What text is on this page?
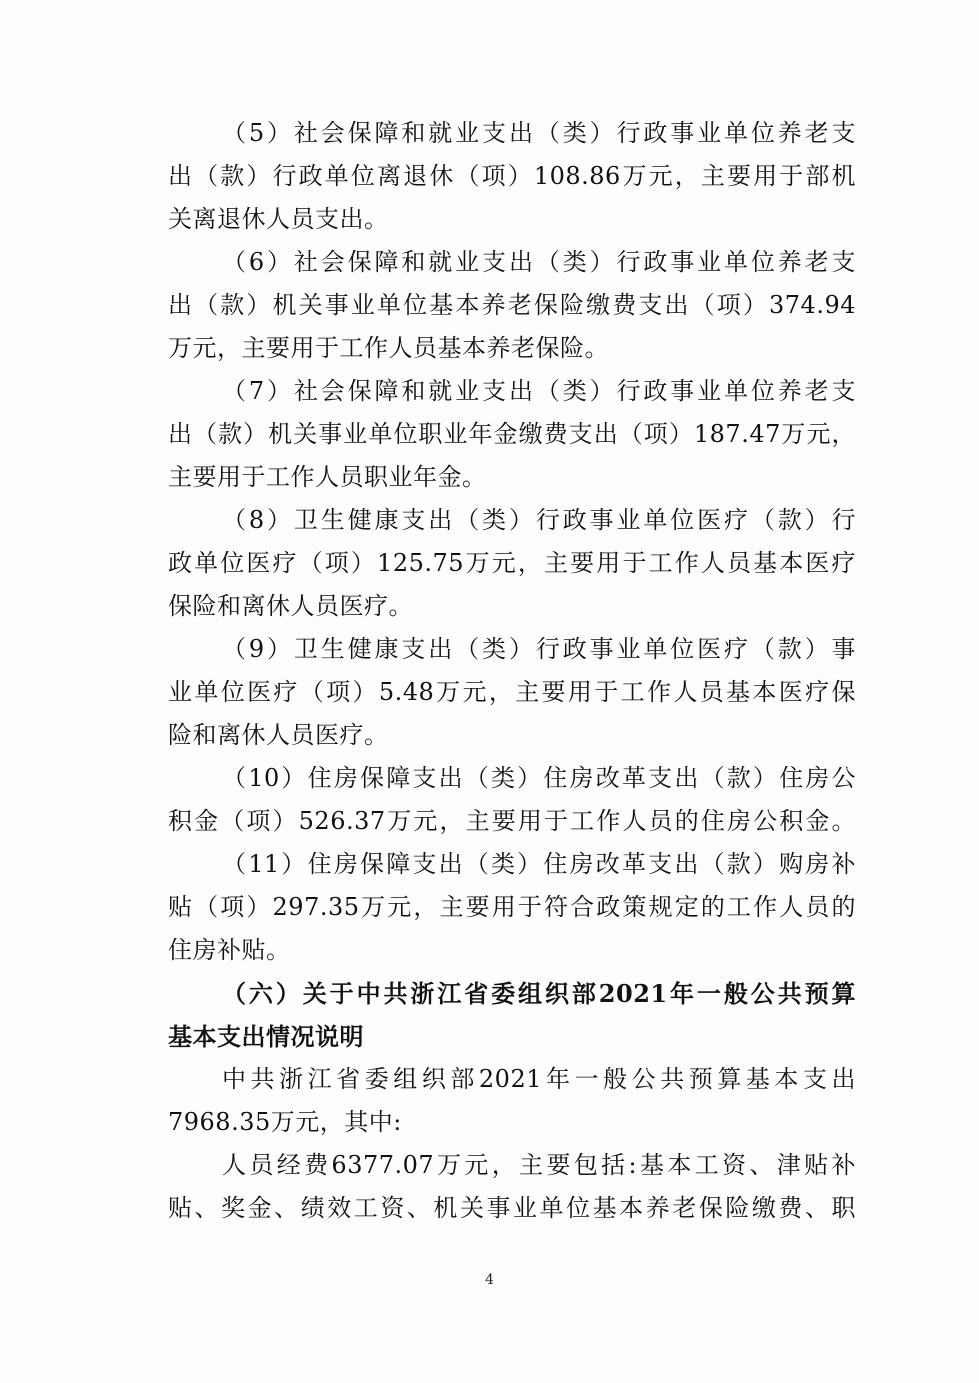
（5）社会保障和就业支出（类）行政事业单位养老支
出（款）行政单位离退休（项）108.86万元，主要用于部机
关离退休人员支出。
（6）社会保障和就业支出（类）行政事业单位养老支
出（款）机关事业单位基本养老保险缴费支出（项）374.94
万元，主要用于工作人员基本养老保险。
（7）社会保障和就业支出（类）行政事业单位养老支
出（款）机关事业单位职业年金缴费支出（项）187.47万元，
主要用于工作人员职业年金。
（8）卫生健康支出（类）行政事业单位医疗（款）行
政单位医疗（项）125.75万元，主要用于工作人员基本医疗
保险和离休人员医疗。
（9）卫生健康支出（类）行政事业单位医疗（款）事
业单位医疗（项）5.48万元，主要用于工作人员基本医疗保
险和离休人员医疗。
（10）住房保障支出（类）住房改革支出（款）住房公
积金（项）526.37万元，主要用于工作人员的住房公积金。
（11）住房保障支出（类）住房改革支出（款）购房补
贴（项）297.35万元，主要用于符合政策规定的工作人员的
住房补贴。
（六）关于中共浙江省委组织部2021年一般公共预算
基本支出情况说明
中共浙江省委组织部2021年一般公共预算基本支出
7968.35万元，其中:
人员经费6377.07万元，主要包括:基本工资、津贴补
贴、奖金、绩效工资、机关事业单位基本养老保险缴费、职
4
